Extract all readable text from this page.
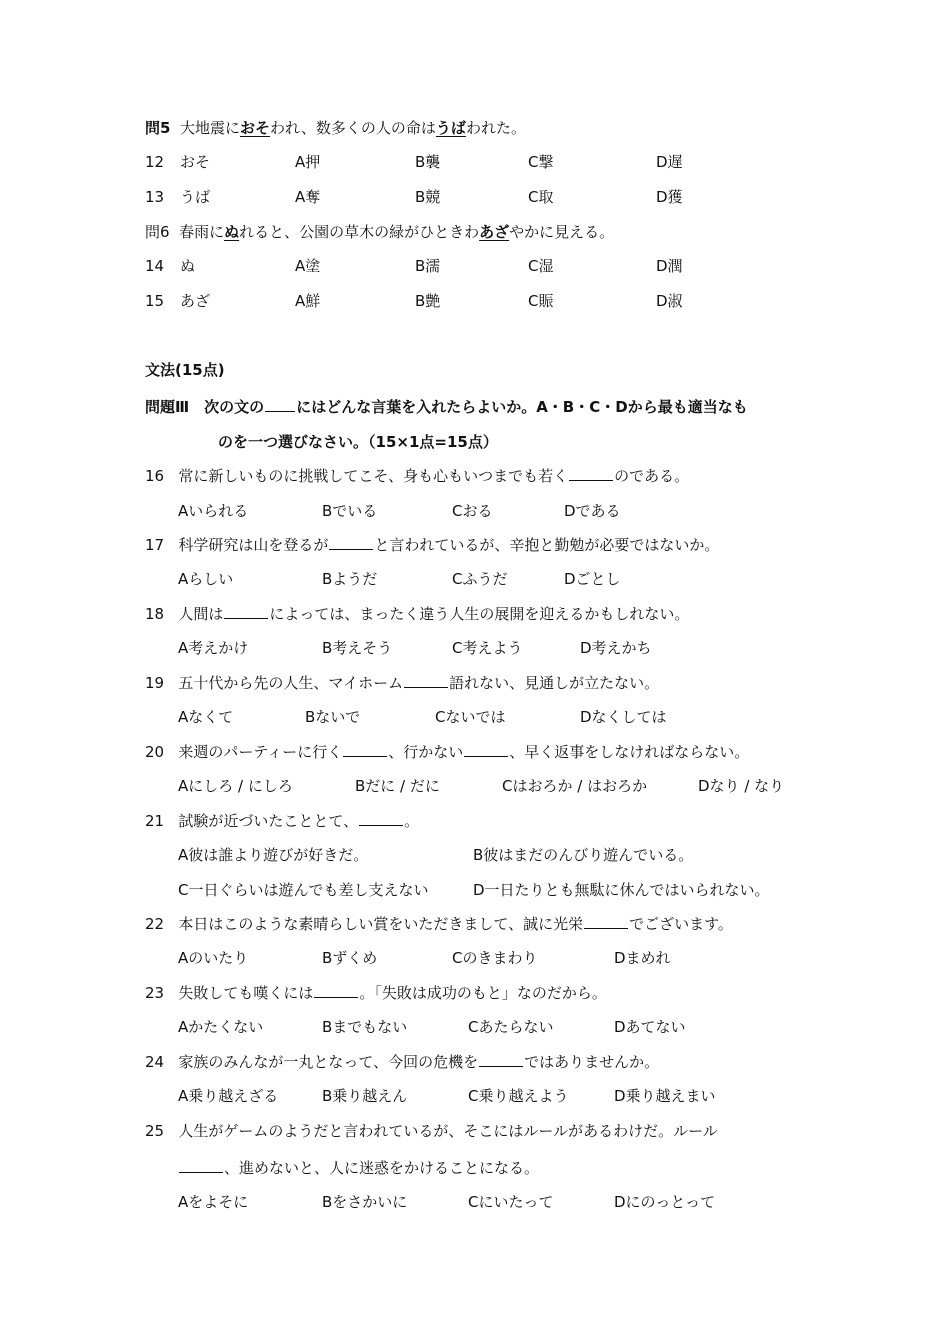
問5 大地震におそわれ、数多くの人の命はうばわれた。
12 おそ	A押	B襲	C撃	D遅
13 うば	A奪	B競	C取	D獲
問6 春雨にぬれると、公園の草木の緑がひときわあざやかに見える。
14 ぬ	A塗	B濡	C湿	D潤
15 あざ	A鮮	B艶	C賑	D淑
文法(15点)
問題Ⅲ　次の文の にはどんな言葉を入れたらよいか。A・B・C・Dから最も適当なも
のを一つ選びなさい。（15×1点=15点）
16 常に新しいものに挑戦してこそ、身も心もいつまでも若く	のである。
Aいられる	Bでいる	Cおる	Dである
17 科学研究は山を登るが	と言われているが、辛抱と勤勉が必要ではないか。
Aらしい	Bようだ	Cふうだ	Dごとし
18 人間は	によっては、まったく違う人生の展開を迎えるかもしれない。
A考えかけ	B考えそう	C考えよう	D考えかち
19 五十代から先の人生、マイホーム	語れない、見通しが立たない。
Aなくて	Bないで	Cないでは	Dなくしては
20 来週のパーティーに行く	、行かない	、早く返事をしなければならない。
Aにしろ / にしろ	Bだに / だに	Cはおろか / はおろか	Dなり / なり
21 試験が近づいたこととて、	。
A彼は誰より遊びが好きだ。	B彼はまだのんびり遊んでいる。
C一日ぐらいは遊んでも差し支えない	D一日たりとも無駄に休んではいられない。
22 本日はこのような素晴らしい賞をいただきまして、誠に光栄	でございます。
Aのいたり	Bずくめ	Cのきまわり	Dまめれ
23 失敗しても嘆くには	。「失敗は成功のもと」なのだから。
Aかたくない	Bまでもない	Cあたらない	Dあてない
24 家族のみんなが一丸となって、今回の危機を	ではありませんか。
A乗り越えざる	B乗り越えん	C乗り越えよう	D乗り越えまい
25 人生がゲームのようだと言われているが、そこにはルールがあるわけだ。ルール
、進めないと、人に迷惑をかけることになる。
Aをよそに	Bをさかいに	Cにいたって	Dにのっとって
